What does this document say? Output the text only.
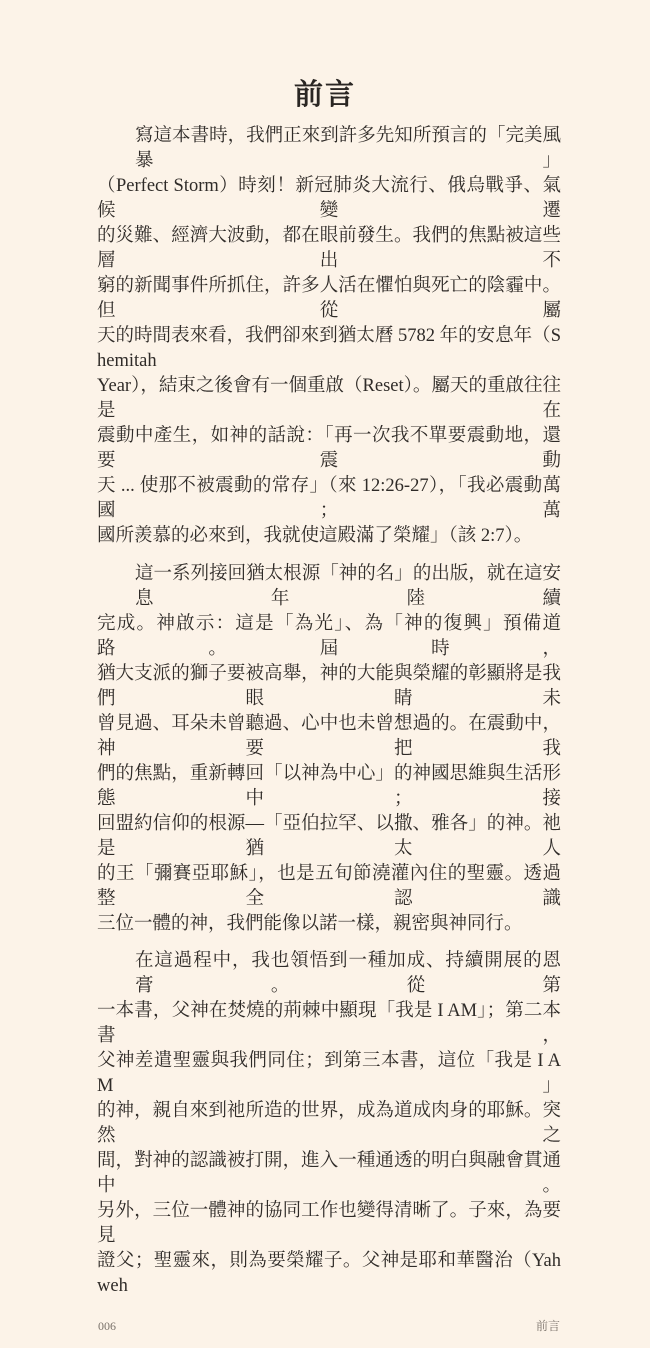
前言
寫這本書時，我們正來到許多先知所預言的「完美風暴」
（Perfect Storm）時刻！新冠肺炎大流行、俄烏戰爭、氣候變遷
的災難、經濟大波動，都在眼前發生。我們的焦點被這些層出不
窮的新聞事件所抓住，許多人活在懼怕與死亡的陰霾中。但從屬
天的時間表來看，我們卻來到猶太曆 5782 年的安息年（Shemitah
Year），結束之後會有一個重啟（Reset）。屬天的重啟往往是在
震動中產生，如神的話說：「再一次我不單要震動地，還要震動
天 ... 使那不被震動的常存」（來 12:26-27），「我必震動萬國；萬
國所羨慕的必來到，我就使這殿滿了榮耀」（該 2:7）。
這一系列接回猶太根源「神的名」的出版，就在這安息年陸續
完成。神啟示：這是「為光」、為「神的復興」預備道路。屆時，
猶大支派的獅子要被高舉，神的大能與榮耀的彰顯將是我們眼睛未
曾見過、耳朵未曾聽過、心中也未曾想過的。在震動中，神要把我
們的焦點，重新轉回「以神為中心」的神國思維與生活形態中；接
回盟約信仰的根源—「亞伯拉罕、以撒、雅各」的神。祂是猶太人
的王「彌賽亞耶穌」，也是五旬節澆灌內住的聖靈。透過整全認識
三位一體的神，我們能像以諾一樣，親密與神同行。
在這過程中，我也領悟到一種加成、持續開展的恩膏。從第
一本書，父神在焚燒的荊棘中顯現「我是 I AM」；第二本書，
父神差遣聖靈與我們同住；到第三本書，這位「我是 I AM」
的神，親自來到祂所造的世界，成為道成肉身的耶穌。突然之
間，對神的認識被打開，進入一種通透的明白與融會貫通中。
另外，三位一體神的協同工作也變得清晰了。子來，為要見
證父；聖靈來，則為要榮耀子。父神是耶和華醫治（Yahweh
006	前言
